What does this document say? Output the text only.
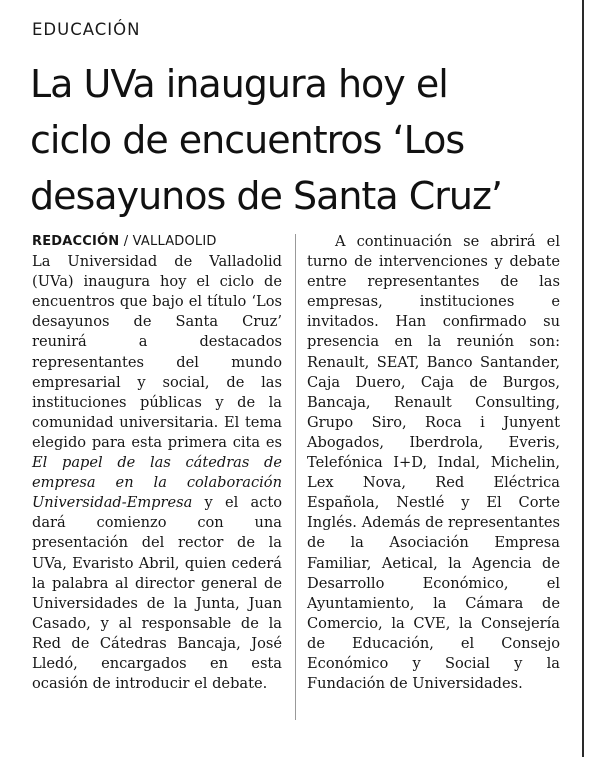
EDUCACIÓN
La UVa inaugura hoy el
ciclo de encuentros ‘Los
desayunos de Santa Cruz’
REDACCIÓN / VALLADOLID
La Universidad de Valladolid (UVa) inaugura hoy el ciclo de encuentros que bajo el título ‘Los desayunos de Santa Cruz’ reunirá a destacados representantes del mundo empresarial y social, de las instituciones públicas y de la comunidad universitaria. El tema elegido para esta primera cita es El papel de las cátedras de empresa en la colaboración Universidad-Empresa y el acto dará comienzo con una presentación del rector de la UVa, Evaristo Abril, quien cederá la palabra al director general de Universidades de la Junta, Juan Casado, y al responsable de la Red de Cátedras Bancaja, José Lledó, encargados en esta ocasión de introducir el debate.
A continuación se abrirá el turno de intervenciones y debate entre representantes de las empresas, instituciones e invitados. Han confirmado su presencia en la reunión son: Renault, SEAT, Banco Santander, Caja Duero, Caja de Burgos, Bancaja, Renault Consulting, Grupo Siro, Roca i Junyent Abogados, Iberdrola, Everis, Telefónica I+D, Indal, Michelin, Lex Nova, Red Eléctrica Española, Nestlé y El Corte Inglés. Además de representantes de la Asociación Empresa Familiar, Aetical, la Agencia de Desarrollo Económico, el Ayuntamiento, la Cámara de Comercio, la CVE, la Consejería de Educación, el Consejo Económico y Social y la Fundación de Universidades.
